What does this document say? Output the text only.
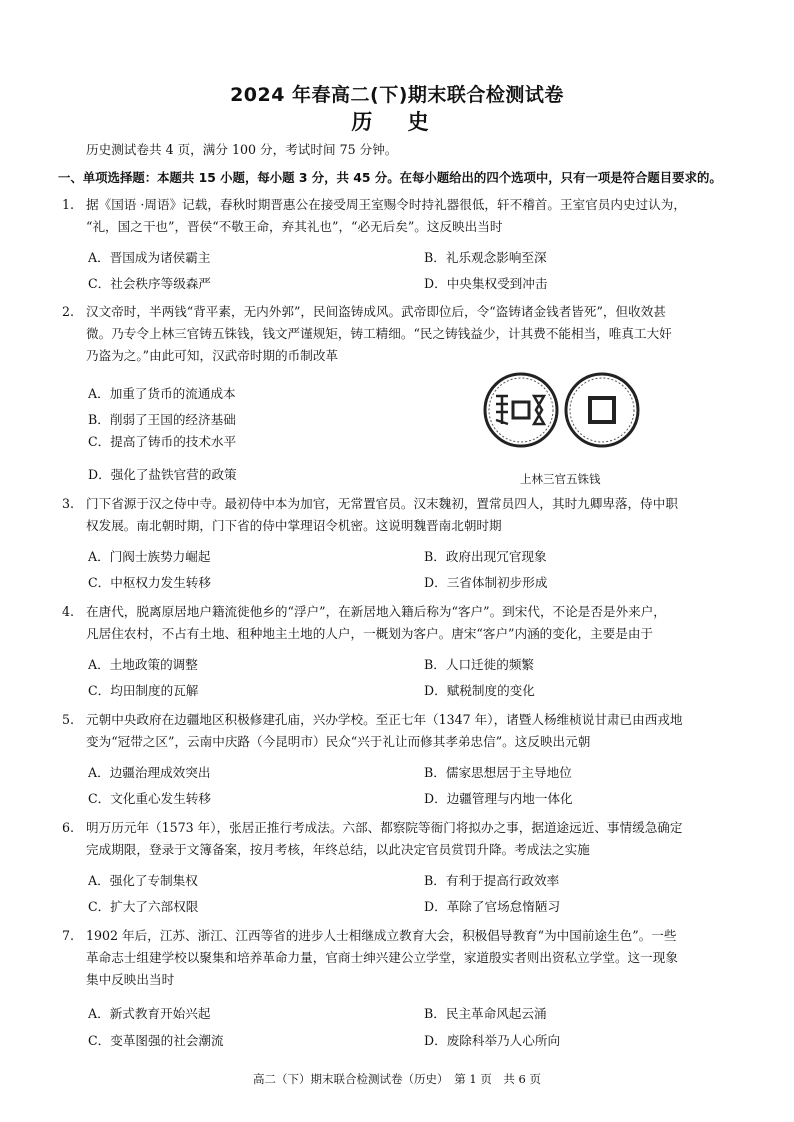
2024 年春高二(下)期末联合检测试卷
历 史
历史测试卷共 4 页，满分 100 分，考试时间 75 分钟。
一、单项选择题：本题共 15 小题，每小题 3 分，共 45 分。在每小题给出的四个选项中，只有一项是符合题目要求的。
1. 据《国语 ·周语》记载，春秋时期晋惠公在接受周王室赐令时持礼器很低，轩不稽首。王室官员内史过认为，
“礼，国之干也”，晋侯“不敬王命，弃其礼也”，“必无后矣”。这反映出当时
A．晋国成为诸侯霸主	B．礼乐观念影响至深
C．社会秩序等级森严	D．中央集权受到冲击
2. 汉文帝时，半两钱“背平素，无内外郭”，民间盗铸成风。武帝即位后，令“盗铸诸金钱者皆死”，但收效甚
微。乃专令上林三官铸五铢钱，钱文严谨规矩，铸工精细。“民之铸钱益少，计其费不能相当，唯真工大奸
乃盗为之。”由此可知，汉武帝时期的币制改革
A．加重了货币的流通成本
B．削弱了王国的经济基础
C．提高了铸币的技术水平
D．强化了盐铁官营的政策	上林三官五铢钱
3. 门下省源于汉之侍中寺。最初侍中本为加官，无常置官员。汉末魏初，置常员四人，其时九卿卑落，侍中职
权发展。南北朝时期，门下省的侍中掌理诏令机密。这说明魏晋南北朝时期
A．门阀士族势力崛起	B．政府出现冗官现象
C．中枢权力发生转移	D．三省体制初步形成
4. 在唐代，脱离原居地户籍流徙他乡的“浮户”，在新居地入籍后称为“客户”。到宋代，不论是否是外来户，
凡居住农村，不占有土地、租种地主土地的人户，一概划为客户。唐宋“客户”内涵的变化，主要是由于
A．土地政策的调整	B．人口迁徙的频繁
C．均田制度的瓦解	D．赋税制度的变化
5. 元朝中央政府在边疆地区积极修建孔庙，兴办学校。至正七年（1347 年），诸暨人杨维桢说甘肃已由西戎地
变为“冠带之区”，云南中庆路（今昆明市）民众“兴于礼让而修其孝弟忠信”。这反映出元朝
A．边疆治理成效突出	B．儒家思想居于主导地位
C．文化重心发生转移	D．边疆管理与内地一体化
6. 明万历元年（1573 年），张居正推行考成法。六部、都察院等衙门将拟办之事，据道途远近、事情缓急确定
完成期限，登录于文簿备案，按月考核，年终总结，以此决定官员赏罚升降。考成法之实施
A．强化了专制集权	B．有利于提高行政效率
C．扩大了六部权限	D．革除了官场怠惰陋习
7. 1902 年后，江苏、浙江、江西等省的进步人士相继成立教育大会，积极倡导教育“为中国前途生色”。一些
革命志士组建学校以聚集和培养革命力量，官商士绅兴建公立学堂，家道殷实者则出资私立学堂。这一现象
集中反映出当时
A．新式教育开始兴起	B．民主革命风起云涌
C．变革图强的社会潮流	D．废除科举乃人心所向
高二（下）期末联合检测试卷（历史）　第 1 页　共 6 页
